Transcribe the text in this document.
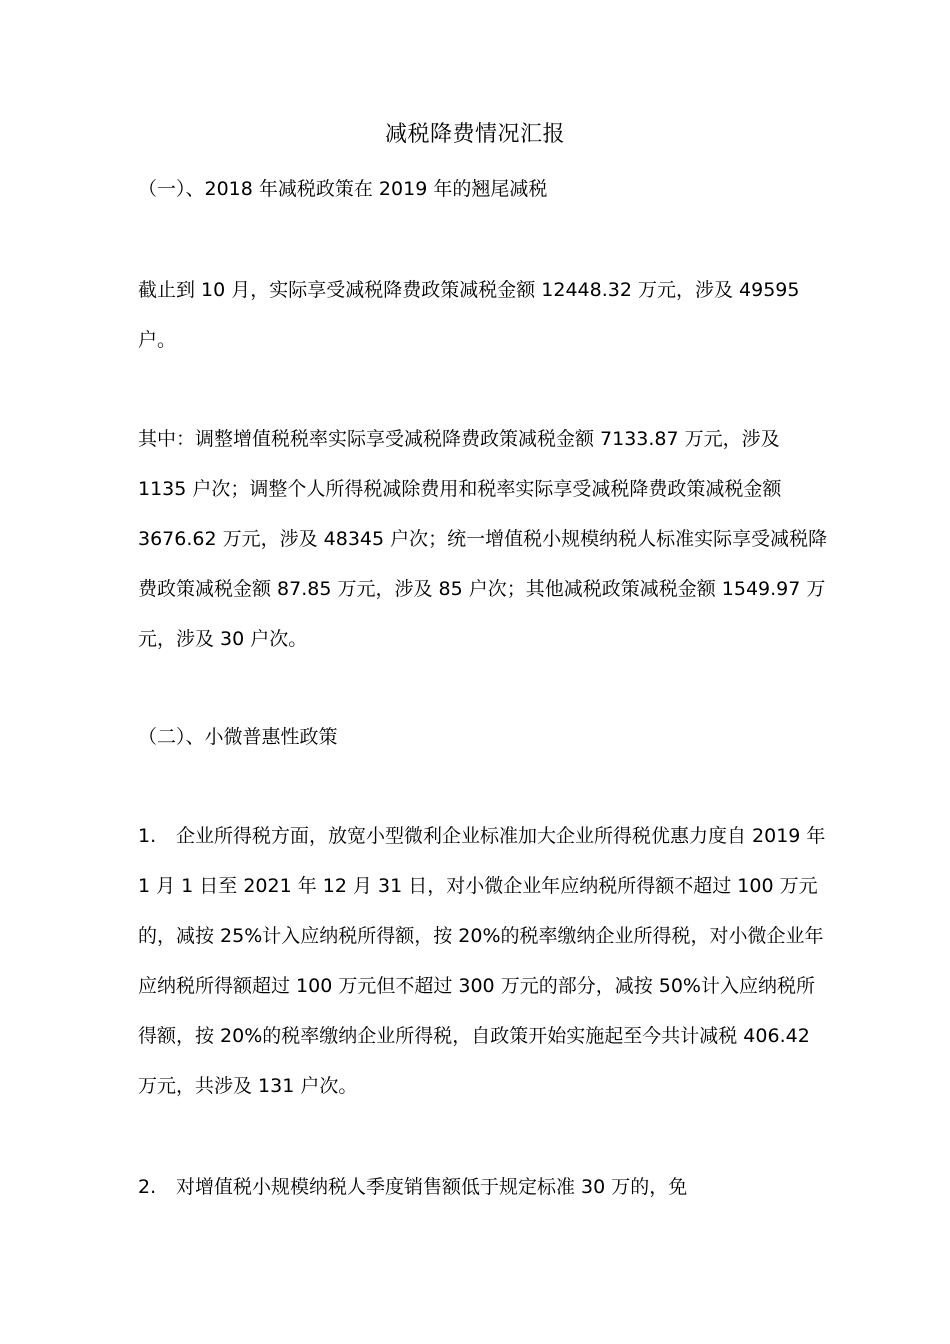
减税降费情况汇报
（一）、2018 年减税政策在 2019 年的翘尾减税

截止到 10 月，实际享受减税降费政策减税金额 12448.32 万元，涉及 49595 户。

其中：调整增值税税率实际享受减税降费政策减税金额 7133.87 万元，涉及 1135 户次；调整个人所得税减除费用和税率实际享受减税降费政策减税金额 3676.62 万元，涉及 48345 户次；统一增值税小规模纳税人标准实际享受减税降费政策减税金额 87.85 万元，涉及 85 户次；其他减税政策减税金额 1549.97 万元，涉及 30 户次。

（二）、小微普惠性政策

1. 企业所得税方面，放宽小型微利企业标准加大企业所得税优惠力度自 2019 年 1 月 1 日至 2021 年 12 月 31 日，对小微企业年应纳税所得额不超过 100 万元的，减按 25%计入应纳税所得额，按 20%的税率缴纳企业所得税，对小微企业年应纳税所得额超过 100 万元但不超过 300 万元的部分，减按 50%计入应纳税所得额，按 20%的税率缴纳企业所得税，自政策开始实施起至今共计减税 406.42 万元，共涉及 131 户次。

2. 对增值税小规模纳税人季度销售额低于规定标准 30 万的，免
